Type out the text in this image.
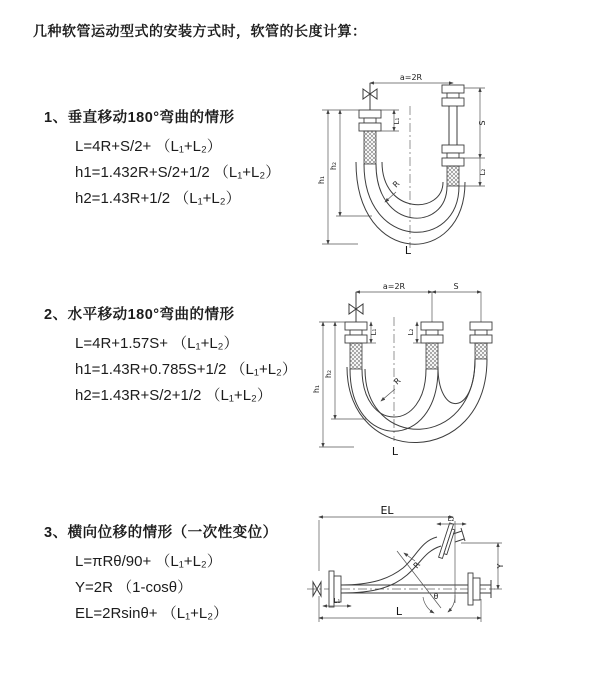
几种软管运动型式的安装方式时，软管的长度计算：
1、垂直移动180°弯曲的情形
L=4R+S/2+ （L₁+L₂）
h1=1.432R+S/2+1/2 （L₁+L₂）
h2=1.43R+1/2 （L₁+L₂）
2、水平移动180°弯曲的情形
L=4R+1.57S+ （L₁+L₂）
h1=1.43R+0.785S+1/2 （L₁+L₂）
h2=1.43R+S/2+1/2 （L₁+L₂）
3、横向位移的情形（一次性变位）
L=πRθ/90+ （L₁+L₂）
Y=2R （1-cosθ）
EL=2Rsinθ+ （L₁+L₂）
a=2R
R
h₁
h₂
L₁	S
L₂
L
a=2R	S
R
h₁
h₂
L₁	L₂
L
θ
R
EL
L₂
Y
L₁
L
